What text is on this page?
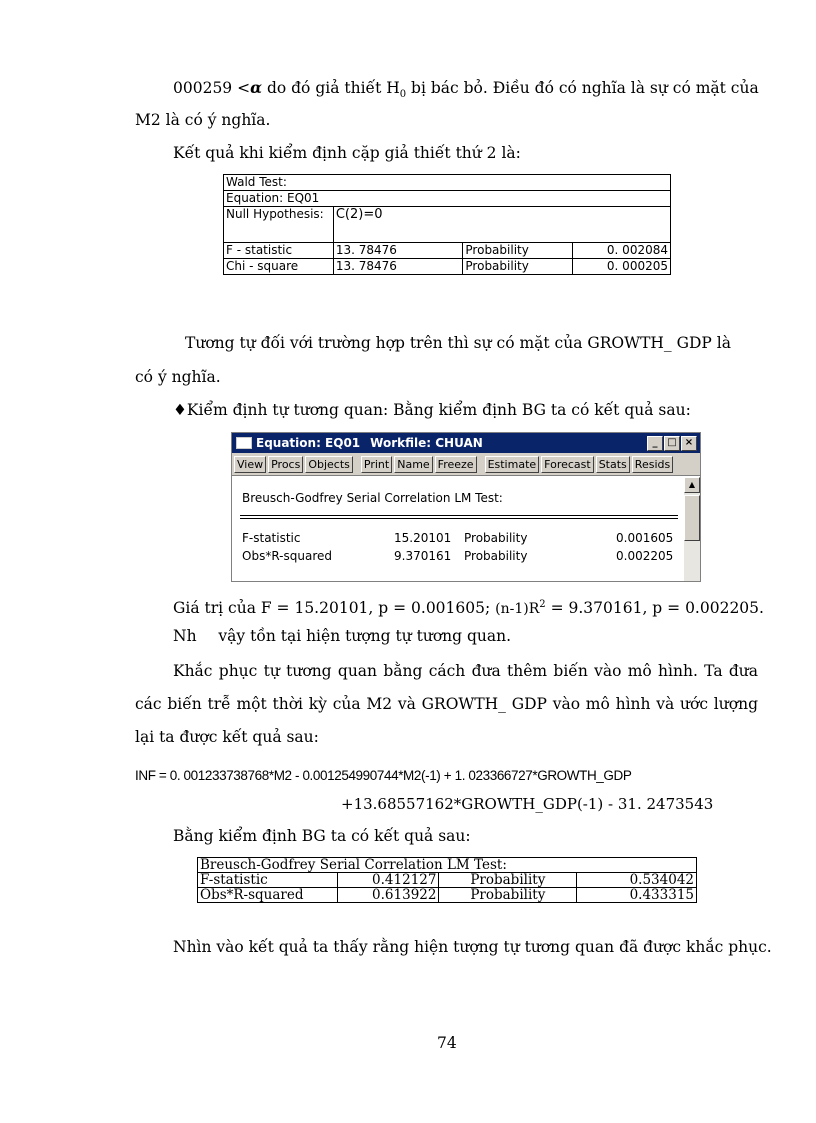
000259 <α do đó giả thiết $H_0$ bị bác bỏ. Điều đó có nghĩa là sự có mặt của
M2 là có ý nghĩa.
Kết quả khi kiểm định cặp giả thiết thứ 2 là:
Wald Test:			
Equation: EQ01			
Null Hypothesis:	C(2)=0		
F - statistic	13. 78476	Probability	0. 002084
Chi - square	13. 78476	Probability	0. 000205
Tương tự đối với trường hợp trên thì sự có mặt của GROWTH_ GDP là
có ý nghĩa.
♦Kiểm định tự tương quan: Bằng kiểm định BG ta có kết quả sau:
Equation: EQ01 Workfile: CHUAN	_ □ ×
View Procs Objects Print Name Freeze Estimate Forecast Stats Resids
Breusch-Godfrey Serial Correlation LM Test:
F-statistic	15.20101 Probability	0.001605
Obs*R-squared	9.370161 Probability	0.002205
▲
Giá trị của F = 15.20101, p = 0.001605; $(n-1)R^2 = 9.370161$, p = 0.002205.
Nh vậy tồn tại hiện tượng tự tương quan.
Khắc phục tự tương quan bằng cách đưa thêm biến vào mô hình. Ta đưa các biến trễ một thời kỳ của M2 và GROWTH_ GDP vào mô hình và ước lượng lại ta được kết quả sau:
INF = 0. 001233738768*M2 - 0.001254990744*M2(-1) + 1. 023366727*GROWTH_GDP
+13.68557162*GROWTH_GDP(-1) - 31. 2473543
Bằng kiểm định BG ta có kết quả sau:
Breusch-Godfrey Serial Correlation LM Test:			
F-statistic	0.412127	Probability	0.534042
Obs*R-squared	0.613922	Probability	0.433315
Nhìn vào kết quả ta thấy rằng hiện tượng tự tương quan đã được khắc phục.
74
